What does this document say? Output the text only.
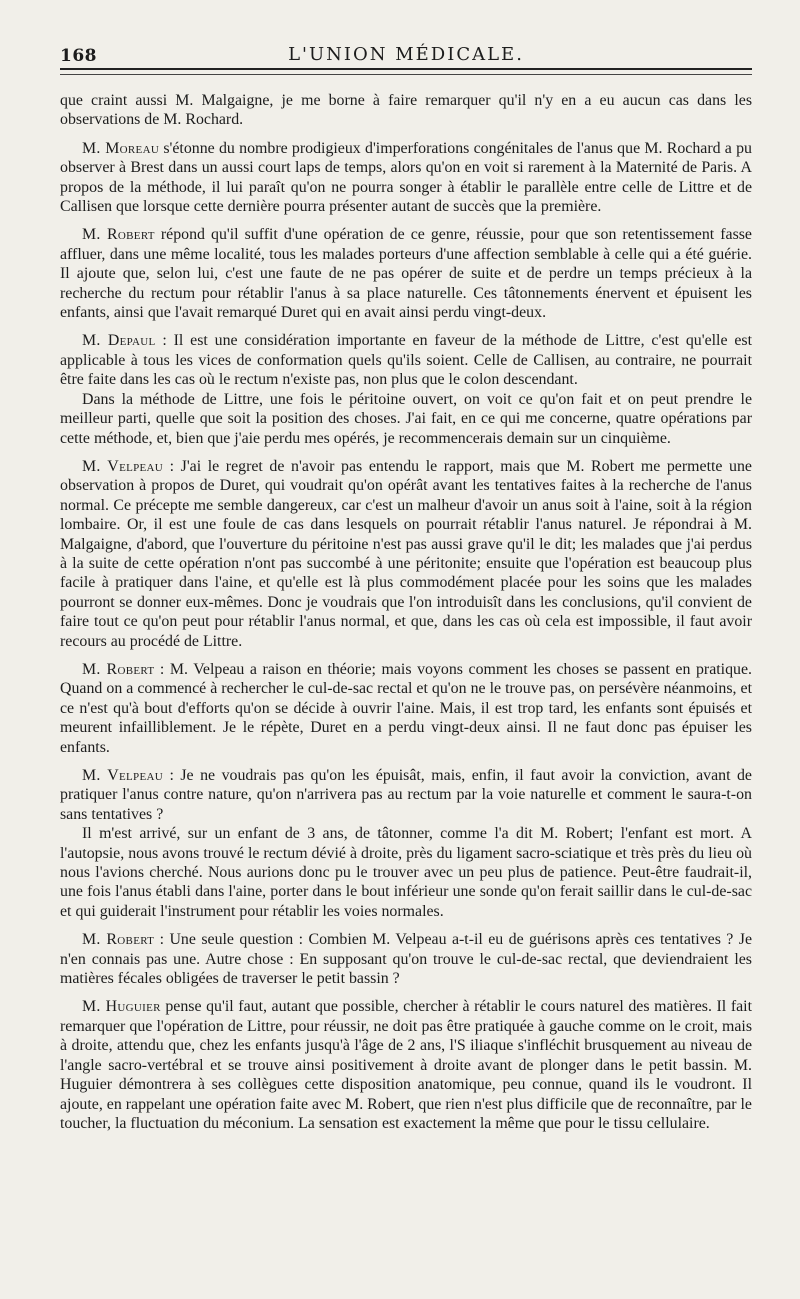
168	L'UNION MÉDICALE.

que craint aussi M. Malgaigne, je me borne à faire remarquer qu'il n'y en a eu aucun cas dans les observations de M. Rochard.

M. Moreau s'étonne du nombre prodigieux d'imperforations congénitales de l'anus que M. Rochard a pu observer à Brest dans un aussi court laps de temps, alors qu'on en voit si rarement à la Maternité de Paris. A propos de la méthode, il lui paraît qu'on ne pourra songer à établir le parallèle entre celle de Littre et de Callisen que lorsque cette dernière pourra présenter autant de succès que la première.

M. Robert répond qu'il suffit d'une opération de ce genre, réussie, pour que son retentissement fasse affluer, dans une même localité, tous les malades porteurs d'une affection semblable à celle qui a été guérie. Il ajoute que, selon lui, c'est une faute de ne pas opérer de suite et de perdre un temps précieux à la recherche du rectum pour rétablir l'anus à sa place naturelle. Ces tâtonnements énervent et épuisent les enfants, ainsi que l'avait remarqué Duret qui en avait ainsi perdu vingt-deux.

M. Depaul : Il est une considération importante en faveur de la méthode de Littre, c'est qu'elle est applicable à tous les vices de conformation quels qu'ils soient. Celle de Callisen, au contraire, ne pourrait être faite dans les cas où le rectum n'existe pas, non plus que le colon descendant.

Dans la méthode de Littre, une fois le péritoine ouvert, on voit ce qu'on fait et on peut prendre le meilleur parti, quelle que soit la position des choses. J'ai fait, en ce qui me concerne, quatre opérations par cette méthode, et, bien que j'aie perdu mes opérés, je recommencerais demain sur un cinquième.

M. Velpeau : J'ai le regret de n'avoir pas entendu le rapport, mais que M. Robert me permette une observation à propos de Duret, qui voudrait qu'on opérât avant les tentatives faites à la recherche de l'anus normal. Ce précepte me semble dangereux, car c'est un malheur d'avoir un anus soit à l'aine, soit à la région lombaire. Or, il est une foule de cas dans lesquels on pourrait rétablir l'anus naturel. Je répondrai à M. Malgaigne, d'abord, que l'ouverture du péritoine n'est pas aussi grave qu'il le dit; les malades que j'ai perdus à la suite de cette opération n'ont pas succombé à une péritonite; ensuite que l'opération est beaucoup plus facile à pratiquer dans l'aine, et qu'elle est là plus commodément placée pour les soins que les malades pourront se donner eux-mêmes. Donc je voudrais que l'on introduisît dans les conclusions, qu'il convient de faire tout ce qu'on peut pour rétablir l'anus normal, et que, dans les cas où cela est impossible, il faut avoir recours au procédé de Littre.

M. Robert : M. Velpeau a raison en théorie; mais voyons comment les choses se passent en pratique. Quand on a commencé à rechercher le cul-de-sac rectal et qu'on ne le trouve pas, on persévère néanmoins, et ce n'est qu'à bout d'efforts qu'on se décide à ouvrir l'aine. Mais, il est trop tard, les enfants sont épuisés et meurent infailliblement. Je le répète, Duret en a perdu vingt-deux ainsi. Il ne faut donc pas épuiser les enfants.

M. Velpeau : Je ne voudrais pas qu'on les épuisât, mais, enfin, il faut avoir la conviction, avant de pratiquer l'anus contre nature, qu'on n'arrivera pas au rectum par la voie naturelle et comment le saura-t-on sans tentatives ?

Il m'est arrivé, sur un enfant de 3 ans, de tâtonner, comme l'a dit M. Robert; l'enfant est mort. A l'autopsie, nous avons trouvé le rectum dévié à droite, près du ligament sacro-sciatique et très près du lieu où nous l'avions cherché. Nous aurions donc pu le trouver avec un peu plus de patience. Peut-être faudrait-il, une fois l'anus établi dans l'aine, porter dans le bout inférieur une sonde qu'on ferait saillir dans le cul-de-sac et qui guiderait l'instrument pour rétablir les voies normales.

M. Robert : Une seule question : Combien M. Velpeau a-t-il eu de guérisons après ces tentatives ? Je n'en connais pas une. Autre chose : En supposant qu'on trouve le cul-de-sac rectal, que deviendraient les matières fécales obligées de traverser le petit bassin ?

M. Huguier pense qu'il faut, autant que possible, chercher à rétablir le cours naturel des matières. Il fait remarquer que l'opération de Littre, pour réussir, ne doit pas être pratiquée à gauche comme on le croit, mais à droite, attendu que, chez les enfants jusqu'à l'âge de 2 ans, l'S iliaque s'infléchit brusquement au niveau de l'angle sacro-vertébral et se trouve ainsi positivement à droite avant de plonger dans le petit bassin. M. Huguier démontrera à ses collègues cette disposition anatomique, peu connue, quand ils le voudront. Il ajoute, en rappelant une opération faite avec M. Robert, que rien n'est plus difficile que de reconnaître, par le toucher, la fluctuation du méconium. La sensation est exactement la même que pour le tissu cellulaire.
